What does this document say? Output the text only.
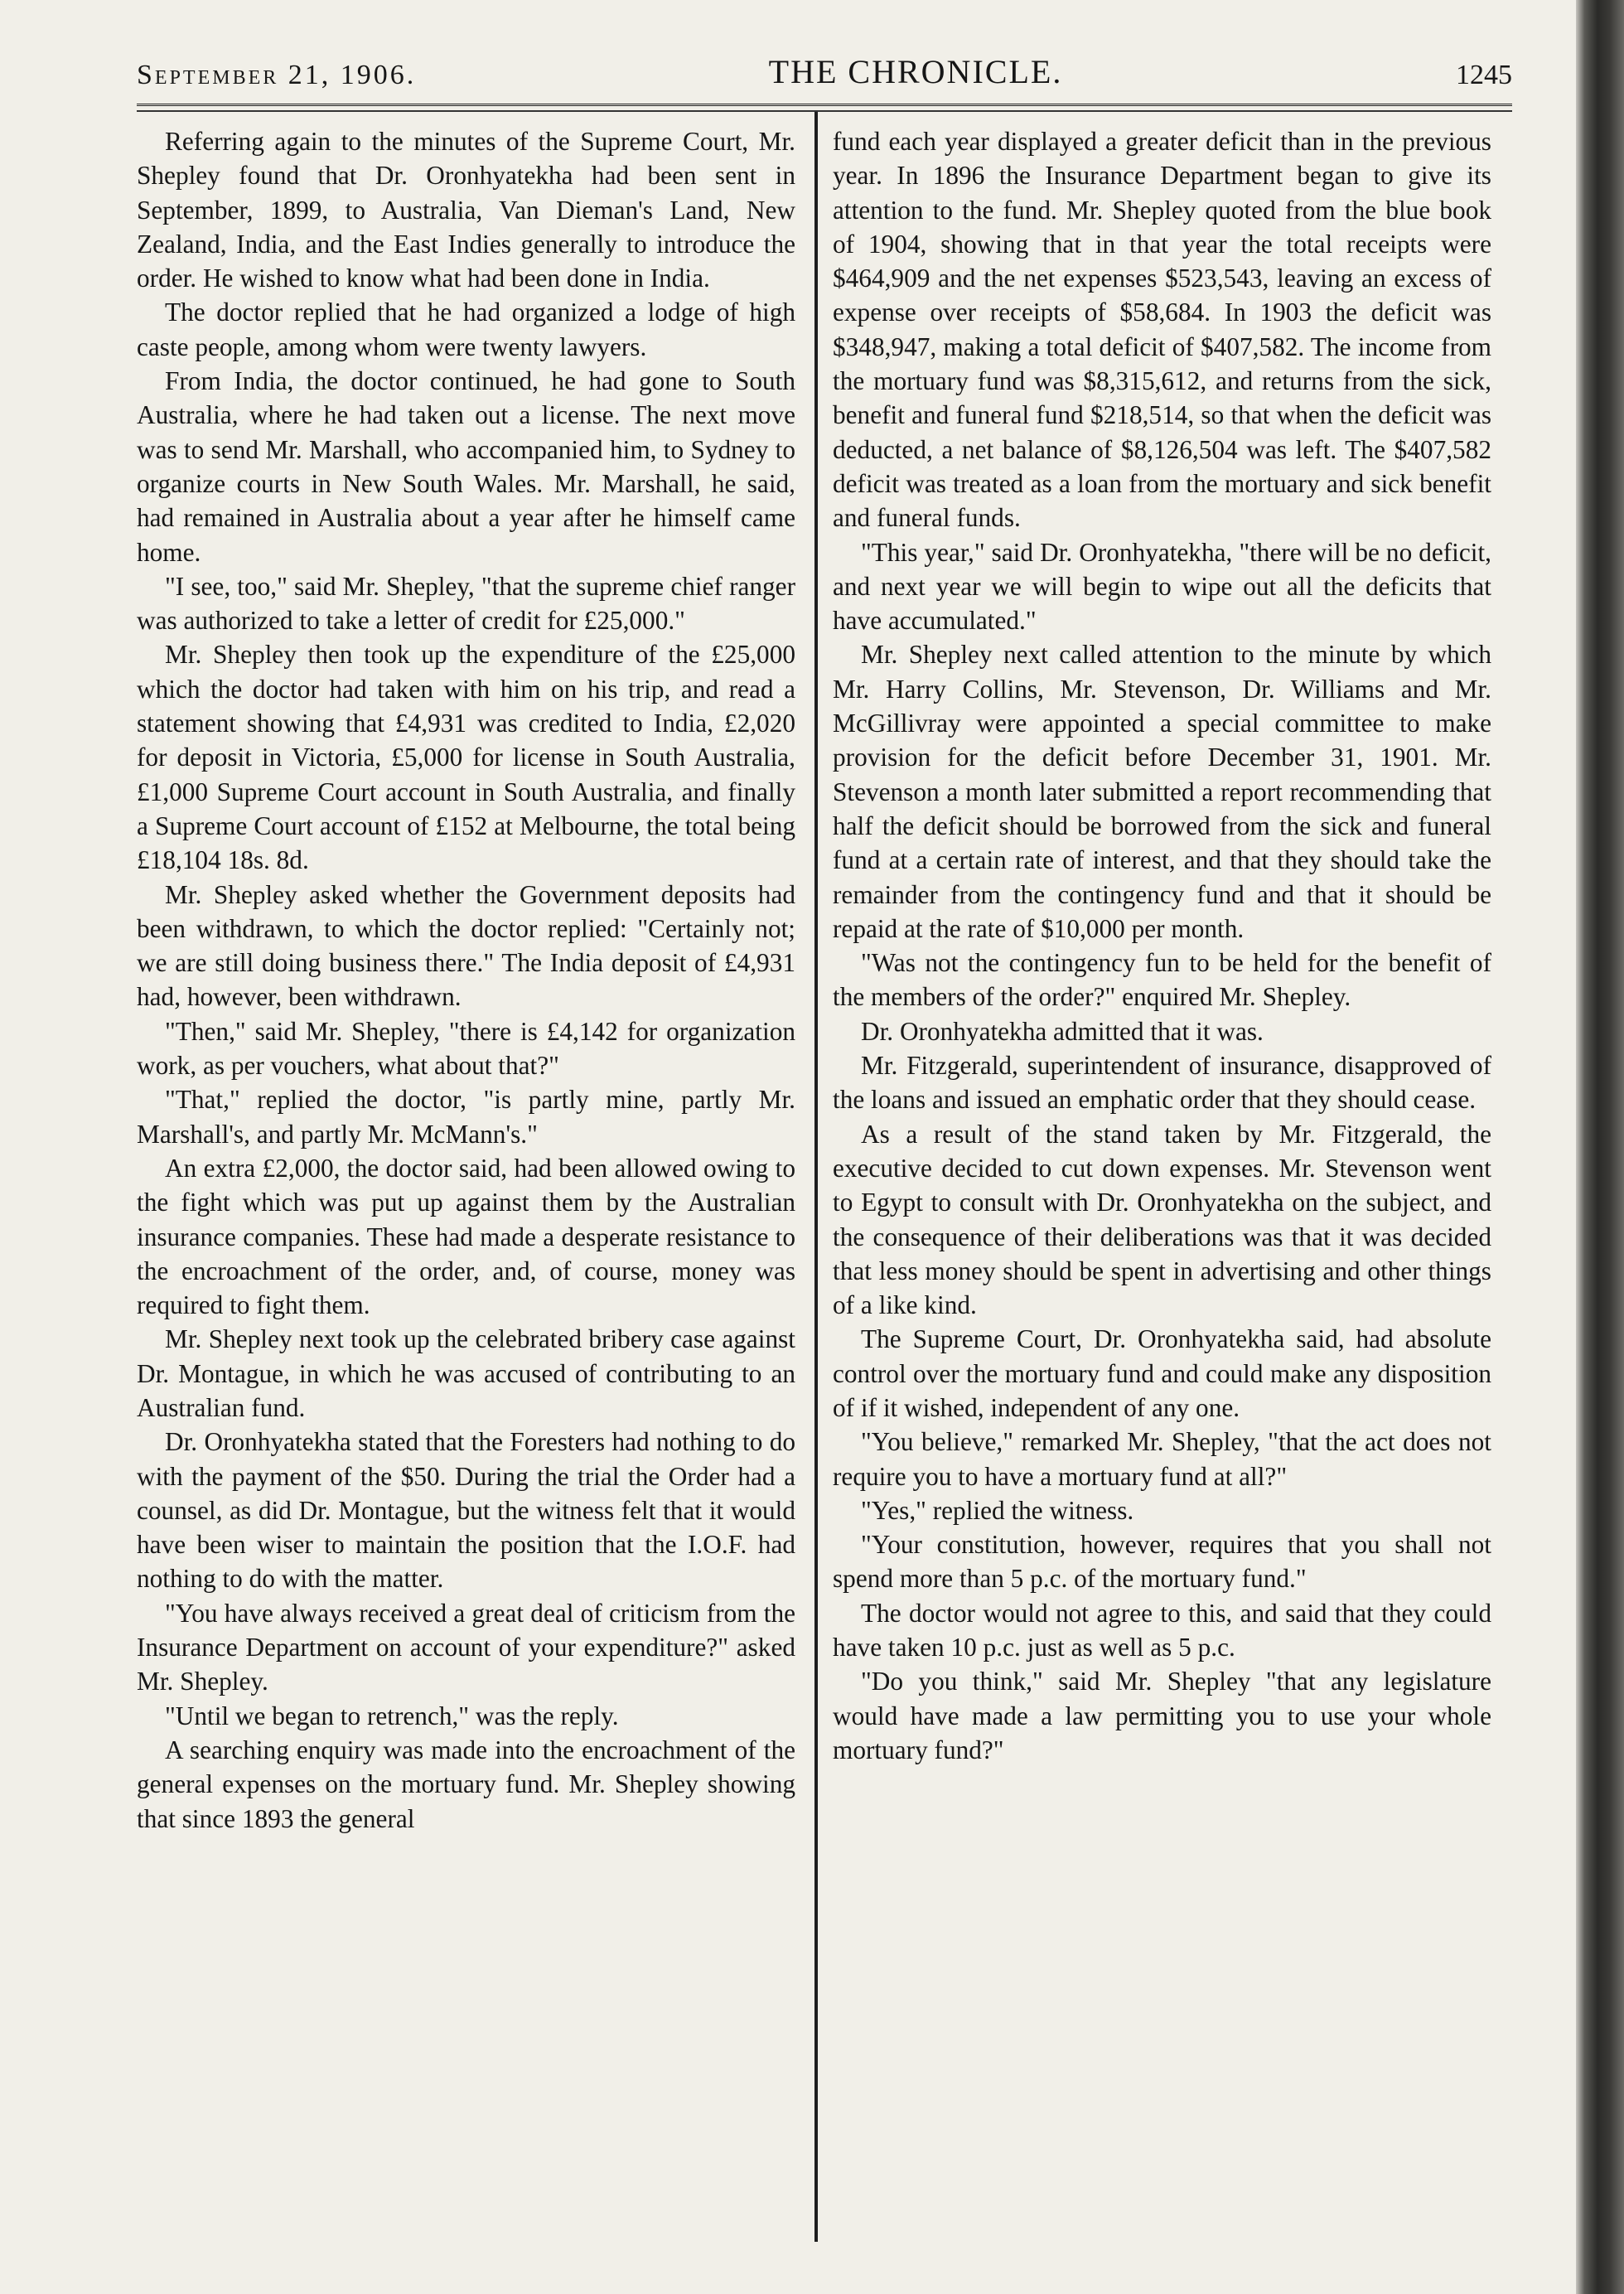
September 21, 1906.	THE CHRONICLE.	1245

Referring again to the minutes of the Supreme Court, Mr. Shepley found that Dr. Oronhyatekha had been sent in September, 1899, to Australia, Van Dieman's Land, New Zealand, India, and the East Indies generally to introduce the order. He wished to know what had been done in India.

The doctor replied that he had organized a lodge of high caste people, among whom were twenty lawyers.

From India, the doctor continued, he had gone to South Australia, where he had taken out a license. The next move was to send Mr. Marshall, who accompanied him, to Sydney to organize courts in New South Wales. Mr. Marshall, he said, had remained in Australia about a year after he himself came home.

"I see, too," said Mr. Shepley, "that the supreme chief ranger was authorized to take a letter of credit for £25,000."

Mr. Shepley then took up the expenditure of the £25,000 which the doctor had taken with him on his trip, and read a statement showing that £4,931 was credited to India, £2,020 for deposit in Victoria, £5,000 for license in South Australia, £1,000 Supreme Court account in South Australia, and finally a Supreme Court account of £152 at Melbourne, the total being £18,104 18s. 8d.

Mr. Shepley asked whether the Government deposits had been withdrawn, to which the doctor replied: "Certainly not; we are still doing business there." The India deposit of £4,931 had, however, been withdrawn.

"Then," said Mr. Shepley, "there is £4,142 for organization work, as per vouchers, what about that?"

"That," replied the doctor, "is partly mine, partly Mr. Marshall's, and partly Mr. McMann's."

An extra £2,000, the doctor said, had been allowed owing to the fight which was put up against them by the Australian insurance companies. These had made a desperate resistance to the encroachment of the order, and, of course, money was required to fight them.

Mr. Shepley next took up the celebrated bribery case against Dr. Montague, in which he was accused of contributing to an Australian fund.

Dr. Oronhyatekha stated that the Foresters had nothing to do with the payment of the $50. During the trial the Order had a counsel, as did Dr. Montague, but the witness felt that it would have been wiser to maintain the position that the I.O.F. had nothing to do with the matter.

"You have always received a great deal of criticism from the Insurance Department on account of your expenditure?" asked Mr. Shepley.

"Until we began to retrench," was the reply.

A searching enquiry was made into the encroachment of the general expenses on the mortuary fund. Mr. Shepley showing that since 1893 the general

fund each year displayed a greater deficit than in the previous year. In 1896 the Insurance Department began to give its attention to the fund. Mr. Shepley quoted from the blue book of 1904, showing that in that year the total receipts were $464,909 and the net expenses $523,543, leaving an excess of expense over receipts of $58,684. In 1903 the deficit was $348,947, making a total deficit of $407,582. The income from the mortuary fund was $8,315,612, and returns from the sick, benefit and funeral fund $218,514, so that when the deficit was deducted, a net balance of $8,126,504 was left. The $407,582 deficit was treated as a loan from the mortuary and sick benefit and funeral funds.

"This year," said Dr. Oronhyatekha, "there will be no deficit, and next year we will begin to wipe out all the deficits that have accumulated."

Mr. Shepley next called attention to the minute by which Mr. Harry Collins, Mr. Stevenson, Dr. Williams and Mr. McGillivray were appointed a special committee to make provision for the deficit before December 31, 1901. Mr. Stevenson a month later submitted a report recommending that half the deficit should be borrowed from the sick and funeral fund at a certain rate of interest, and that they should take the remainder from the contingency fund and that it should be repaid at the rate of $10,000 per month.

"Was not the contingency fun to be held for the benefit of the members of the order?" enquired Mr. Shepley.

Dr. Oronhyatekha admitted that it was.

Mr. Fitzgerald, superintendent of insurance, disapproved of the loans and issued an emphatic order that they should cease.

As a result of the stand taken by Mr. Fitzgerald, the executive decided to cut down expenses. Mr. Stevenson went to Egypt to consult with Dr. Oronhyatekha on the subject, and the consequence of their deliberations was that it was decided that less money should be spent in advertising and other things of a like kind.

The Supreme Court, Dr. Oronhyatekha said, had absolute control over the mortuary fund and could make any disposition of if it wished, independent of any one.

"You believe," remarked Mr. Shepley, "that the act does not require you to have a mortuary fund at all?"

"Yes," replied the witness.

"Your constitution, however, requires that you shall not spend more than 5 p.c. of the mortuary fund."

The doctor would not agree to this, and said that they could have taken 10 p.c. just as well as 5 p.c.

"Do you think," said Mr. Shepley "that any legislature would have made a law permitting you to use your whole mortuary fund?"
